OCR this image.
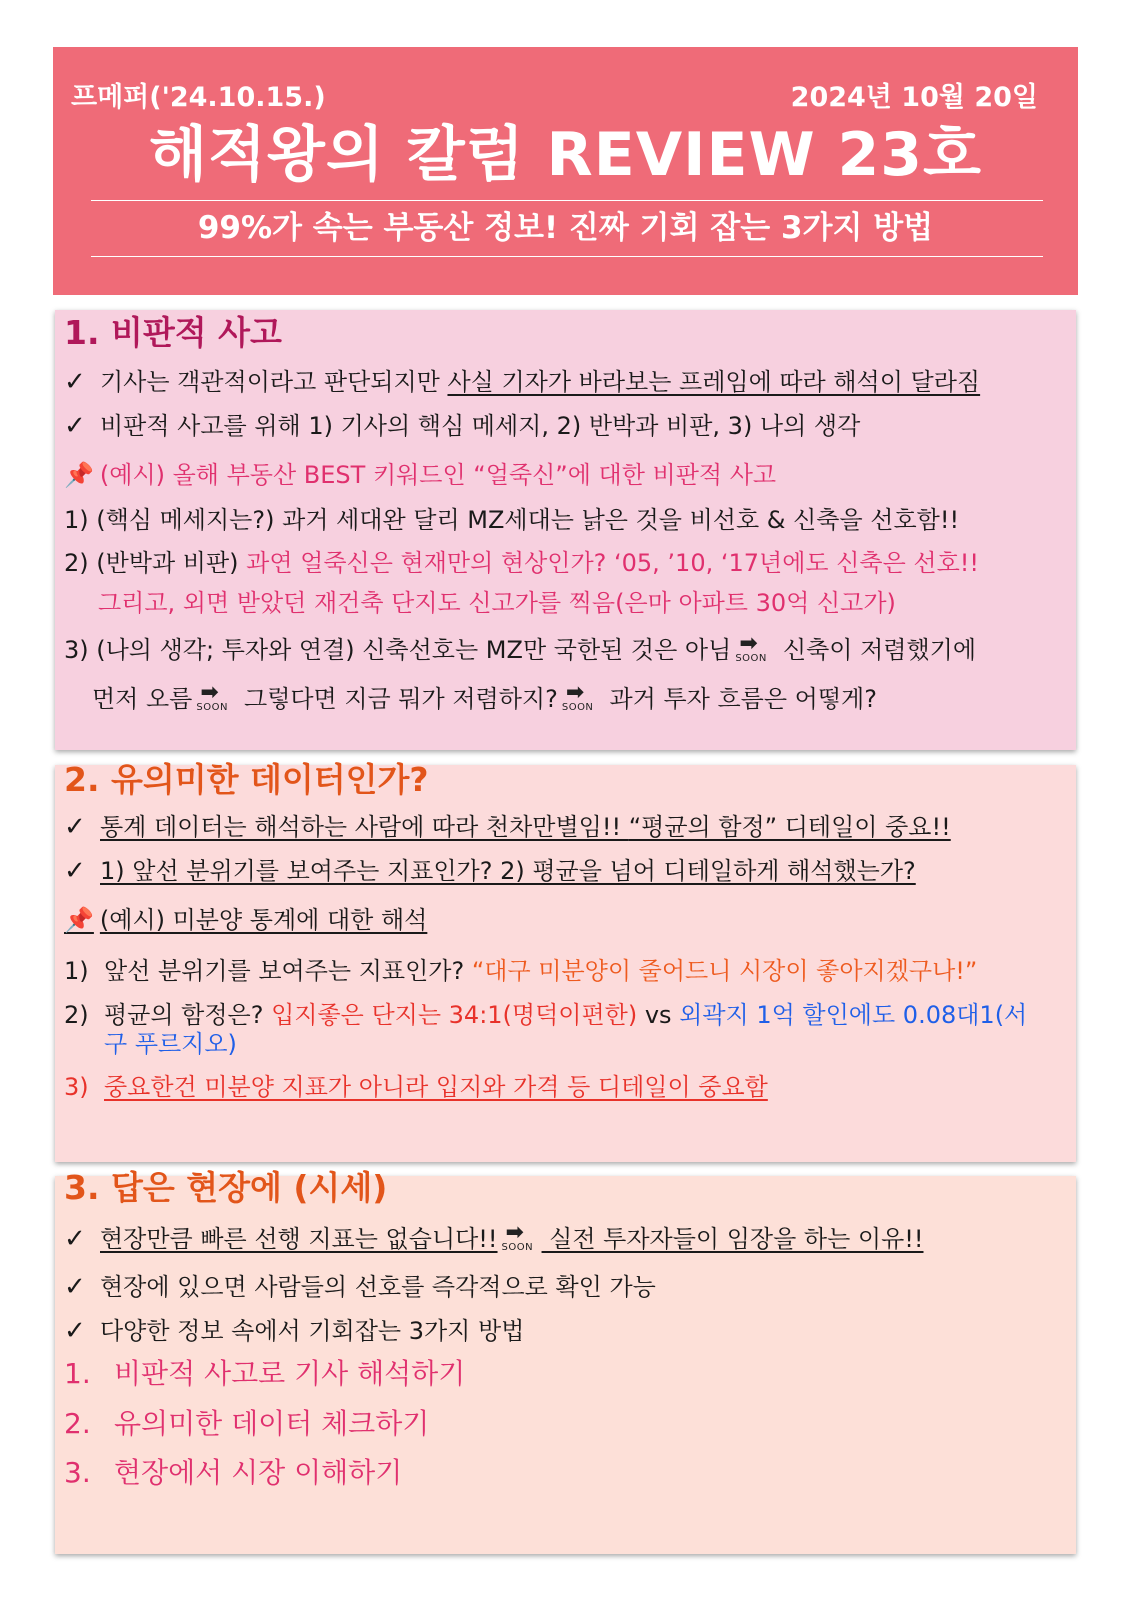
프메퍼('24.10.15.)	2024년 10월 20일
해적왕의 칼럼 REVIEW 23호
99%가 속는 부동산 정보! 진짜 기회 잡는 3가지 방법
1. 비판적 사고
✓ 기사는 객관적이라고 판단되지만 사실 기자가 바라보는 프레임에 따라 해석이 달라짐
✓ 비판적 사고를 위해 1) 기사의 핵심 메세지, 2) 반박과 비판, 3) 나의 생각
📌 (예시) 올해 부동산 BEST 키워드인 “얼죽신”에 대한 비판적 사고
1) (핵심 메세지는?) 과거 세대완 달리 MZ세대는 낡은 것을 비선호 & 신축을 선호함!!
2) (반박과 비판) 과연 얼죽신은 현재만의 현상인가? ‘05, ’10, ‘17년에도 신축은 선호!!
그리고, 외면 받았던 재건축 단지도 신고가를 찍음(은마 아파트 30억 신고가)
3) (나의 생각; 투자와 연결) 신축선호는 MZ만 국한된 것은 아님 ➡
SOON 신축이 저렴했기에
먼저 오름 ➡
SOON 그렇다면 지금 뭐가 저렴하지? ➡
SOON 과거 투자 흐름은 어떻게?
2. 유의미한 데이터인가?
✓ 통계 데이터는 해석하는 사람에 따라 천차만별임!! “평균의 함정” 디테일이 중요!!
✓ 1) 앞선 분위기를 보여주는 지표인가? 2) 평균을 넘어 디테일하게 해석했는가?
📌 (예시) 미분양 통계에 대한 해석
1) 앞선 분위기를 보여주는 지표인가? “대구 미분양이 줄어드니 시장이 좋아지겠구나!”
2) 평균의 함정은? 입지좋은 단지는 34:1(명덕이편한) vs 외곽지 1억 할인에도 0.08대1(서
구 푸르지오)
3) 중요한건 미분양 지표가 아니라 입지와 가격 등 디테일이 중요함
3. 답은 현장에 (시세)
✓ 현장만큼 빠른 선행 지표는 없습니다!! ➡
SOON 실전 투자자들이 임장을 하는 이유!!
✓ 현장에 있으면 사람들의 선호를 즉각적으로 확인 가능
✓ 다양한 정보 속에서 기회잡는 3가지 방법
1. 비판적 사고로 기사 해석하기
2. 유의미한 데이터 체크하기
3. 현장에서 시장 이해하기
